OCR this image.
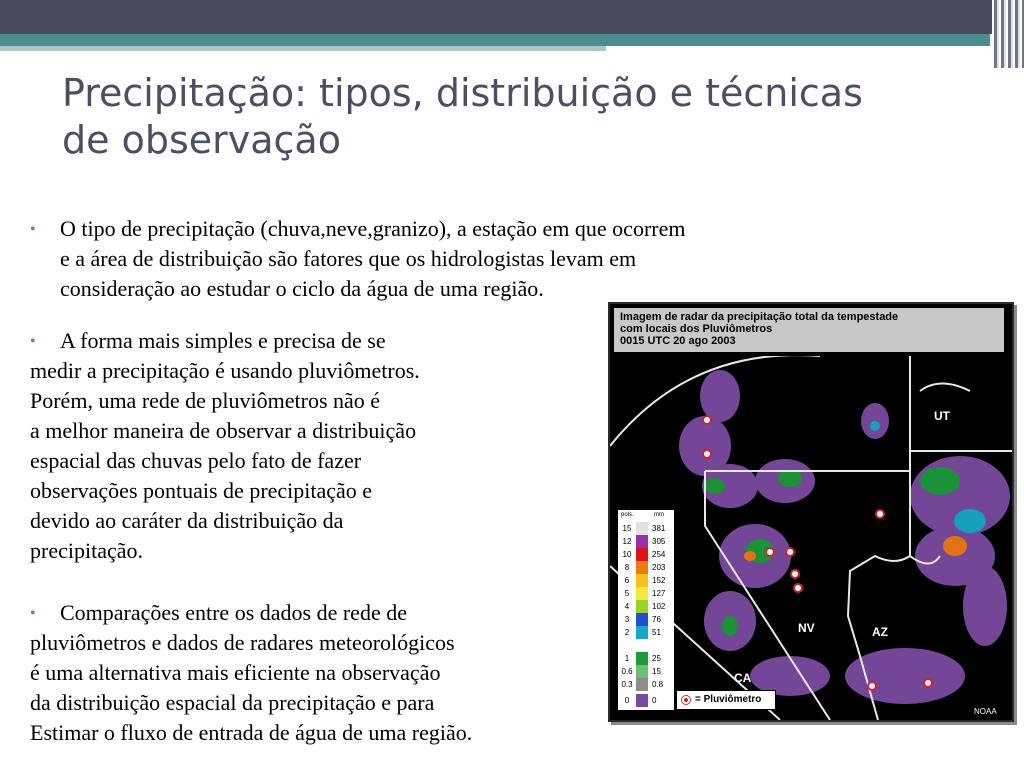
Precipitação: tipos, distribuição e técnicas
de observação
•	O tipo de precipitação (chuva,neve,granizo), a estação em que ocorrem
e a área de distribuição são fatores que os hidrologistas levam em
consideração ao estudar o ciclo da água de uma região.
•	A forma mais simples e precisa de se
medir a precipitação é usando pluviômetros.
Porém, uma rede de pluviômetros não é
a melhor maneira de observar a distribuição
espacial das chuvas pelo fato de fazer
observações pontuais de precipitação e
devido ao caráter da distribuição da
precipitação.
•	Comparações entre os dados de rede de
pluviômetros e dados de radares meteorológicos
é uma alternativa mais eficiente na observação
da distribuição espacial da precipitação e para
Estimar o fluxo de entrada de água de uma região.
Imagem de radar da precipitação total da tempestade
com locais dos Pluviômetros
0015 UTC 20 ago 2003
UT
NV	AZ
CA
NOAA
pols.	mm
15	381
12	305
10	254
8	203
6	152
5	127
4	102
3	76
2	51
1	25
0.6 15
0.3 0.8
0	0	= Pluviômetro
